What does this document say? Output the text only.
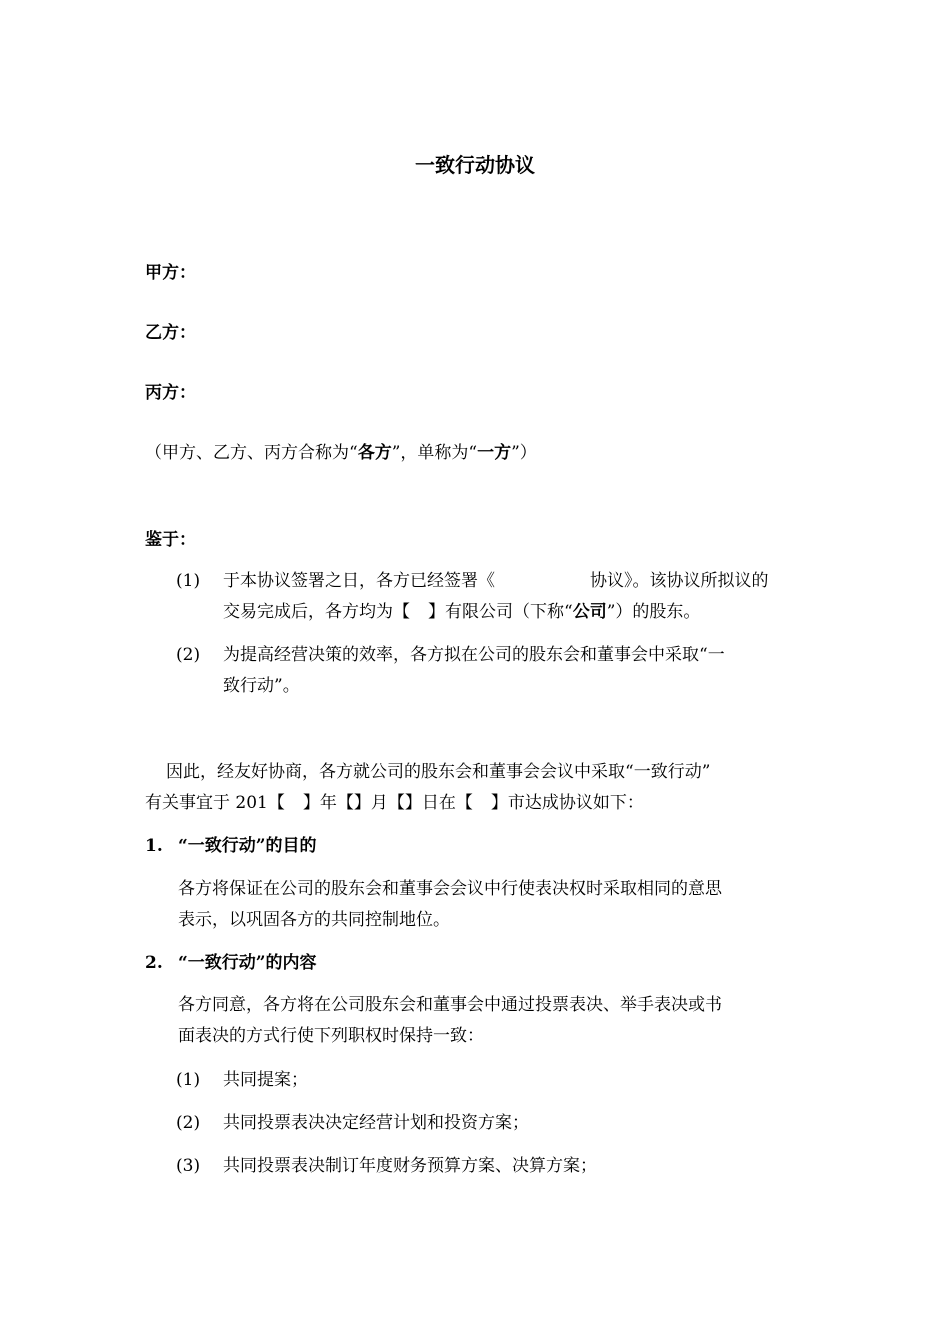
一致行动协议
甲方：
乙方：
丙方：
（甲方、乙方、丙方合称为“各方”，单称为“一方”）
鉴于：
(1) 于本协议签署之日，各方已经签署《	协议》。该协议所拟议的
交易完成后，各方均为【 】有限公司（下称“公司”）的股东。
(2) 为提高经营决策的效率，各方拟在公司的股东会和董事会中采取“一
致行动”。
因此，经友好协商，各方就公司的股东会和董事会会议中采取“一致行动”
有关事宜于 201【 】年【】月【】日在【 】市达成协议如下：
1. “一致行动”的目的
各方将保证在公司的股东会和董事会会议中行使表决权时采取相同的意思
表示，以巩固各方的共同控制地位。
2. “一致行动”的内容
各方同意，各方将在公司股东会和董事会中通过投票表决、举手表决或书
面表决的方式行使下列职权时保持一致：
(1) 共同提案；
(2) 共同投票表决决定经营计划和投资方案；
(3) 共同投票表决制订年度财务预算方案、决算方案；
